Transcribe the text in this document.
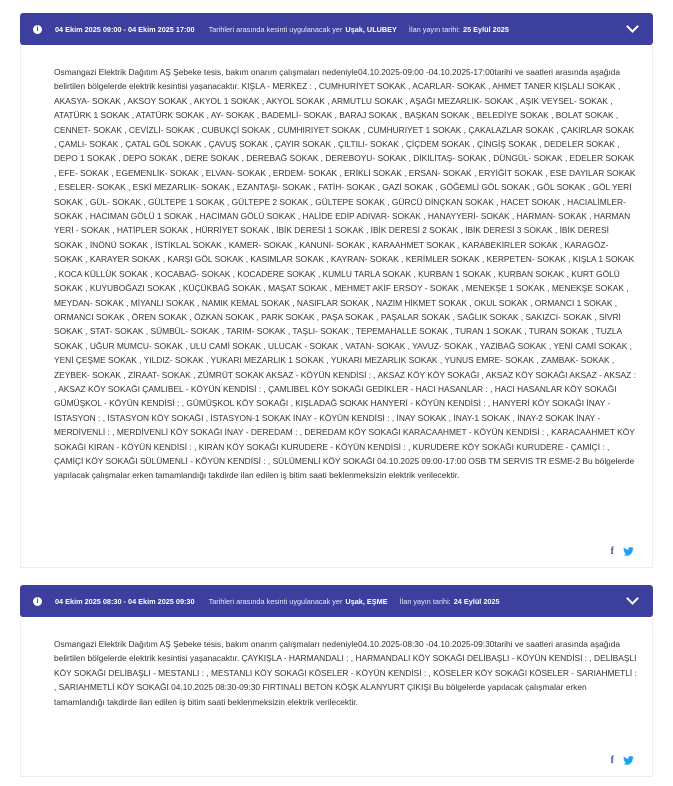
i	04 Ekim 2025 09:00 - 04 Ekim 2025 17:00 Tarihleri arasında kesinti uygulanacak yer Uşak, ULUBEY İlan yayın tarihi: 25 Eylül 2025

Osmangazi Elektrik Dağıtım AŞ Şebeke tesis, bakım onarım çalışmaları nedeniyle04.10.2025-09:00 -04.10.2025-17:00tarihi ve saatleri arasında aşağıda belirtilen bölgelerde elektrik kesintisi yaşanacaktır. KIŞLA - MERKEZ : , CUMHURİYET SOKAK , ACARLAR- SOKAK , AHMET TANER KIŞLALI SOKAK , AKASYA- SOKAK , AKSOY SOKAK , AKYOL 1 SOKAK , AKYOL SOKAK , ARMUTLU SOKAK , AŞAĞI MEZARLIK- SOKAK , AŞIK VEYSEL- SOKAK , ATATÜRK 1 SOKAK , ATATÜRK SOKAK , AY- SOKAK , BADEMLİ- SOKAK , BARAJ SOKAK , BAŞKAN SOKAK , BELEDİYE SOKAK , BOLAT SOKAK , CENNET- SOKAK , CEVİZLİ- SOKAK , CUBUKÇİ SOKAK , CUMHIRIYET SOKAK , CUMHURIYET 1 SOKAK , ÇAKALAZLAR SOKAK , ÇAKIRLAR SOKAK , ÇAMLI- SOKAK , ÇATAL GÖL SOKAK , ÇAVUŞ SOKAK , ÇAYIR SOKAK , ÇILTILI- SOKAK , ÇİÇDEM SOKAK , ÇİNGİŞ SOKAK , DEDELER SOKAK , DEPO 1 SOKAK , DEPO SOKAK , DERE SOKAK , DEREBAĞ SOKAK , DEREBOYU- SOKAK , DİKİLİTAŞ- SOKAK , DÜNGÜL- SOKAK , EDELER SOKAK , EFE- SOKAK , EGEMENLİK- SOKAK , ELVAN- SOKAK , ERDEM- SOKAK , ERİKLİ SOKAK , ERSAN- SOKAK , ERYİĞİT SOKAK , ESE DAYILAR SOKAK , ESELER- SOKAK , ESKİ MEZARLIK- SOKAK , EZANTAŞI- SOKAK , FATİH- SOKAK , GAZİ SOKAK , GÖĞEMLİ GÖL SOKAK , GÖL SOKAK , GÖL YERİ SOKAK , GÜL- SOKAK , GÜLTEPE 1 SOKAK , GÜLTEPE 2 SOKAK , GÜLTEPE SOKAK , GÜRCÜ DİNÇKAN SOKAK , HACET SOKAK , HACIALİMLER- SOKAK , HACIMAN GÖLÜ 1 SOKAK , HACIMAN GÖLÜ SOKAK , HALİDE EDİP ADIVAR- SOKAK , HANAYYERİ- SOKAK , HARMAN- SOKAK , HARMAN YERİ - SOKAK , HATİPLER SOKAK , HÜRRİYET SOKAK , İBİK DERESİ 1 SOKAK , İBİK DERESİ 2 SOKAK , İBİK DERESİ 3 SOKAK , İBİK DERESİ SOKAK , İNÖNÜ SOKAK , İSTİKLAL SOKAK , KAMER- SOKAK , KANUNİ- SOKAK , KARAAHMET SOKAK , KARABEKİRLER SOKAK , KARAGÖZ- SOKAK , KARAYER SOKAK , KARŞI GÖL SOKAK , KASIMLAR SOKAK , KAYRAN- SOKAK , KERİMLER SOKAK , KERPETEN- SOKAK , KIŞLA 1 SOKAK , KOCA KÜLLÜK SOKAK , KOCABAĞ- SOKAK , KOCADERE SOKAK , KUMLU TARLA SOKAK , KURBAN 1 SOKAK , KURBAN SOKAK , KURT GÖLÜ SOKAK , KUYUBOĞAZI SOKAK , KÜÇÜKBAĞ SOKAK , MAŞAT SOKAK , MEHMET AKİF ERSOY - SOKAK , MENEKŞE 1 SOKAK , MENEKŞE SOKAK , MEYDAN- SOKAK , MİYANLI SOKAK , NAMIK KEMAL SOKAK , NASIFLAR SOKAK , NAZIM HİKMET SOKAK , OKUL SOKAK , ORMANCI 1 SOKAK , ORMANCI SOKAK , ÖREN SOKAK , ÖZKAN SOKAK , PARK SOKAK , PAŞA SOKAK , PAŞALAR SOKAK , SAĞLIK SOKAK , SAKIZCI- SOKAK , SİVRİ SOKAK , STAT- SOKAK , SÜMBÜL- SOKAK , TARIM- SOKAK , TAŞLI- SOKAK , TEPEMAHALLE SOKAK , TURAN 1 SOKAK , TURAN SOKAK , TUZLA SOKAK , UĞUR MUMCU- SOKAK , ULU CAMİ SOKAK , ULUCAK - SOKAK , VATAN- SOKAK , YAVUZ- SOKAK , YAZIBAĞ SOKAK , YENİ CAMİ SOKAK , YENİ ÇEŞME SOKAK , YILDIZ- SOKAK , YUKARI MEZARLIK 1 SOKAK , YUKARI MEZARLIK SOKAK , YUNUS EMRE- SOKAK , ZAMBAK- SOKAK , ZEYBEK- SOKAK , ZİRAAT- SOKAK , ZÜMRÜT SOKAK AKSAZ - KÖYÜN KENDİSİ : , AKSAZ KÖY KÖY SOKAĞI , AKSAZ KÖY SOKAĞI AKSAZ - AKSAZ : , AKSAZ KÖY SOKAĞI ÇAMLIBEL - KÖYÜN KENDİSİ : , ÇAMLIBEL KÖY SOKAĞI GEDİKLER - HACI HASANLAR : , HACI HASANLAR KÖY SOKAĞI GÜMÜŞKOL - KÖYÜN KENDİSİ : , GÜMÜŞKOL KÖY SOKAĞI , KIŞLADAĞ SOKAK HANYERİ - KÖYÜN KENDİSİ : , HANYERİ KÖY SOKAĞI İNAY - İSTASYON : , İSTASYON KÖY SOKAĞI , İSTASYON-1 SOKAK İNAY - KÖYÜN KENDİSİ : , İNAY SOKAK , İNAY-1 SOKAK , İNAY-2 SOKAK İNAY - MERDİVENLİ : , MERDİVENLİ KÖY SOKAĞI İNAY - DEREDAM : , DEREDAM KÖY SOKAĞI KARACAAHMET - KÖYÜN KENDİSİ : , KARACAAHMET KÖY SOKAĞI KIRAN - KÖYÜN KENDİSİ : , KIRAN KÖY SOKAĞI KURUDERE - KÖYÜN KENDİSİ : , KURUDERE KÖY SOKAĞI KURUDERE - ÇAMİÇİ : , ÇAMİÇİ KÖY SOKAĞI SÜLÜMENLİ - KÖYÜN KENDİSİ : , SÜLÜMENLİ KÖY SOKAĞI 04.10.2025 09:00-17:00 OSB TM SERVIS TR ESME-2 Bu bölgelerde yapılacak çalışmalar erken tamamlandığı takdirde ilan edilen iş bitim saati beklenmeksizin elektrik verilecektir.

f
i	04 Ekim 2025 08:30 - 04 Ekim 2025 09:30 Tarihleri arasında kesinti uygulanacak yer Uşak, EŞME İlan yayın tarihi: 24 Eylül 2025

Osmangazi Elektrik Dağıtım AŞ Şebeke tesis, bakım onarım çalışmaları nedeniyle04.10.2025-08:30 -04.10.2025-09:30tarihi ve saatleri arasında aşağıda belirtilen bölgelerde elektrik kesintisi yaşanacaktır. ÇAYKIŞLA - HARMANDALI : , HARMANDALI KÖY SOKAĞI DELİBAŞLI - KÖYÜN KENDİSİ : , DELİBAŞLI KÖY SOKAĞI DELİBAŞLI - MESTANLI : , MESTANLI KÖY SOKAĞI KÖSELER - KÖYÜN KENDİSİ : , KÖSELER KÖY SOKAĞI KÖSELER - SARIAHMETLİ : , SARIAHMETLİ KÖY SOKAĞI 04.10.2025 08:30-09:30 FIRTINALI BETON KÖŞK ALANYURT ÇIKIŞI Bu bölgelerde yapılacak çalışmalar erken tamamlandığı takdirde ilan edilen iş bitim saati beklenmeksizin elektrik verilecektir.

f
